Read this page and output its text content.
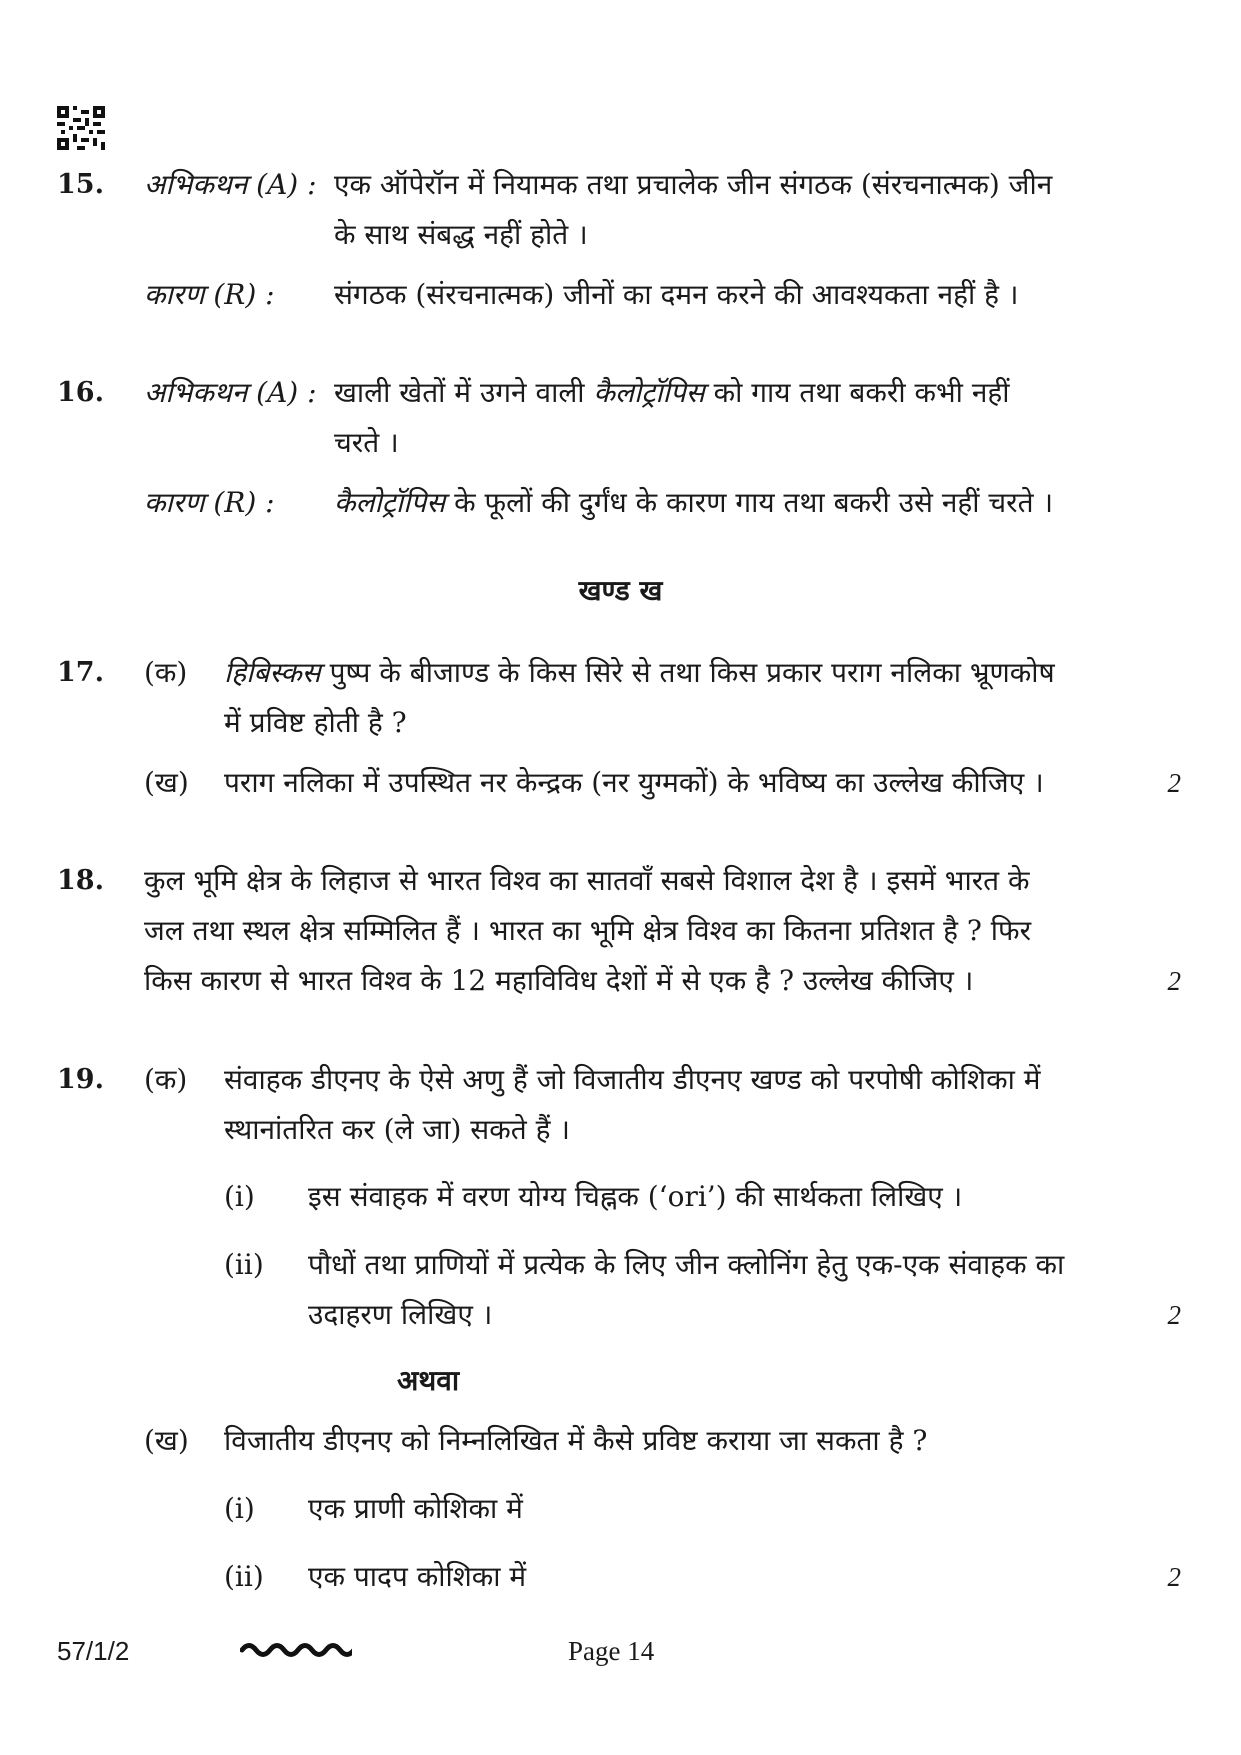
15. अभिकथन (A) : एक ऑपेरॉन में नियामक तथा प्रचालेक जीन संगठक (संरचनात्मक) जीन
के साथ संबद्ध नहीं होते ।
कारण (R) : संगठक (संरचनात्मक) जीनों का दमन करने की आवश्यकता नहीं है ।
16. अभिकथन (A) : खाली खेतों में उगने वाली कैलोट्रॉपिस को गाय तथा बकरी कभी नहीं
चरते ।
कारण (R) : कैलोट्रॉपिस के फूलों की दुर्गंध के कारण गाय तथा बकरी उसे नहीं चरते ।
खण्ड ख
17. (क) हिबिस्कस पुष्प के बीजाण्ड के किस सिरे से तथा किस प्रकार पराग नलिका भ्रूणकोष
में प्रविष्ट होती है ?
(ख) पराग नलिका में उपस्थित नर केन्द्रक (नर युग्मकों) के भविष्य का उल्लेख कीजिए ।	2
18. कुल भूमि क्षेत्र के लिहाज से भारत विश्व का सातवाँ सबसे विशाल देश है । इसमें भारत के
जल तथा स्थल क्षेत्र सम्मिलित हैं । भारत का भूमि क्षेत्र विश्व का कितना प्रतिशत है ? फिर
किस कारण से भारत विश्व के 12 महाविविध देशों में से एक है ? उल्लेख कीजिए ।	2
19. (क) संवाहक डीएनए के ऐसे अणु हैं जो विजातीय डीएनए खण्ड को परपोषी कोशिका में
स्थानांतरित कर (ले जा) सकते हैं ।
(i) इस संवाहक में वरण योग्य चिह्नक (‘ori’) की सार्थकता लिखिए ।
(ii) पौधों तथा प्राणियों में प्रत्येक के लिए जीन क्लोनिंग हेतु एक-एक संवाहक का
उदाहरण लिखिए ।	2
अथवा
(ख) विजातीय डीएनए को निम्नलिखित में कैसे प्रविष्ट कराया जा सकता है ?
(i) एक प्राणी कोशिका में
(ii) एक पादप कोशिका में	2
57/1/2	Page 14
